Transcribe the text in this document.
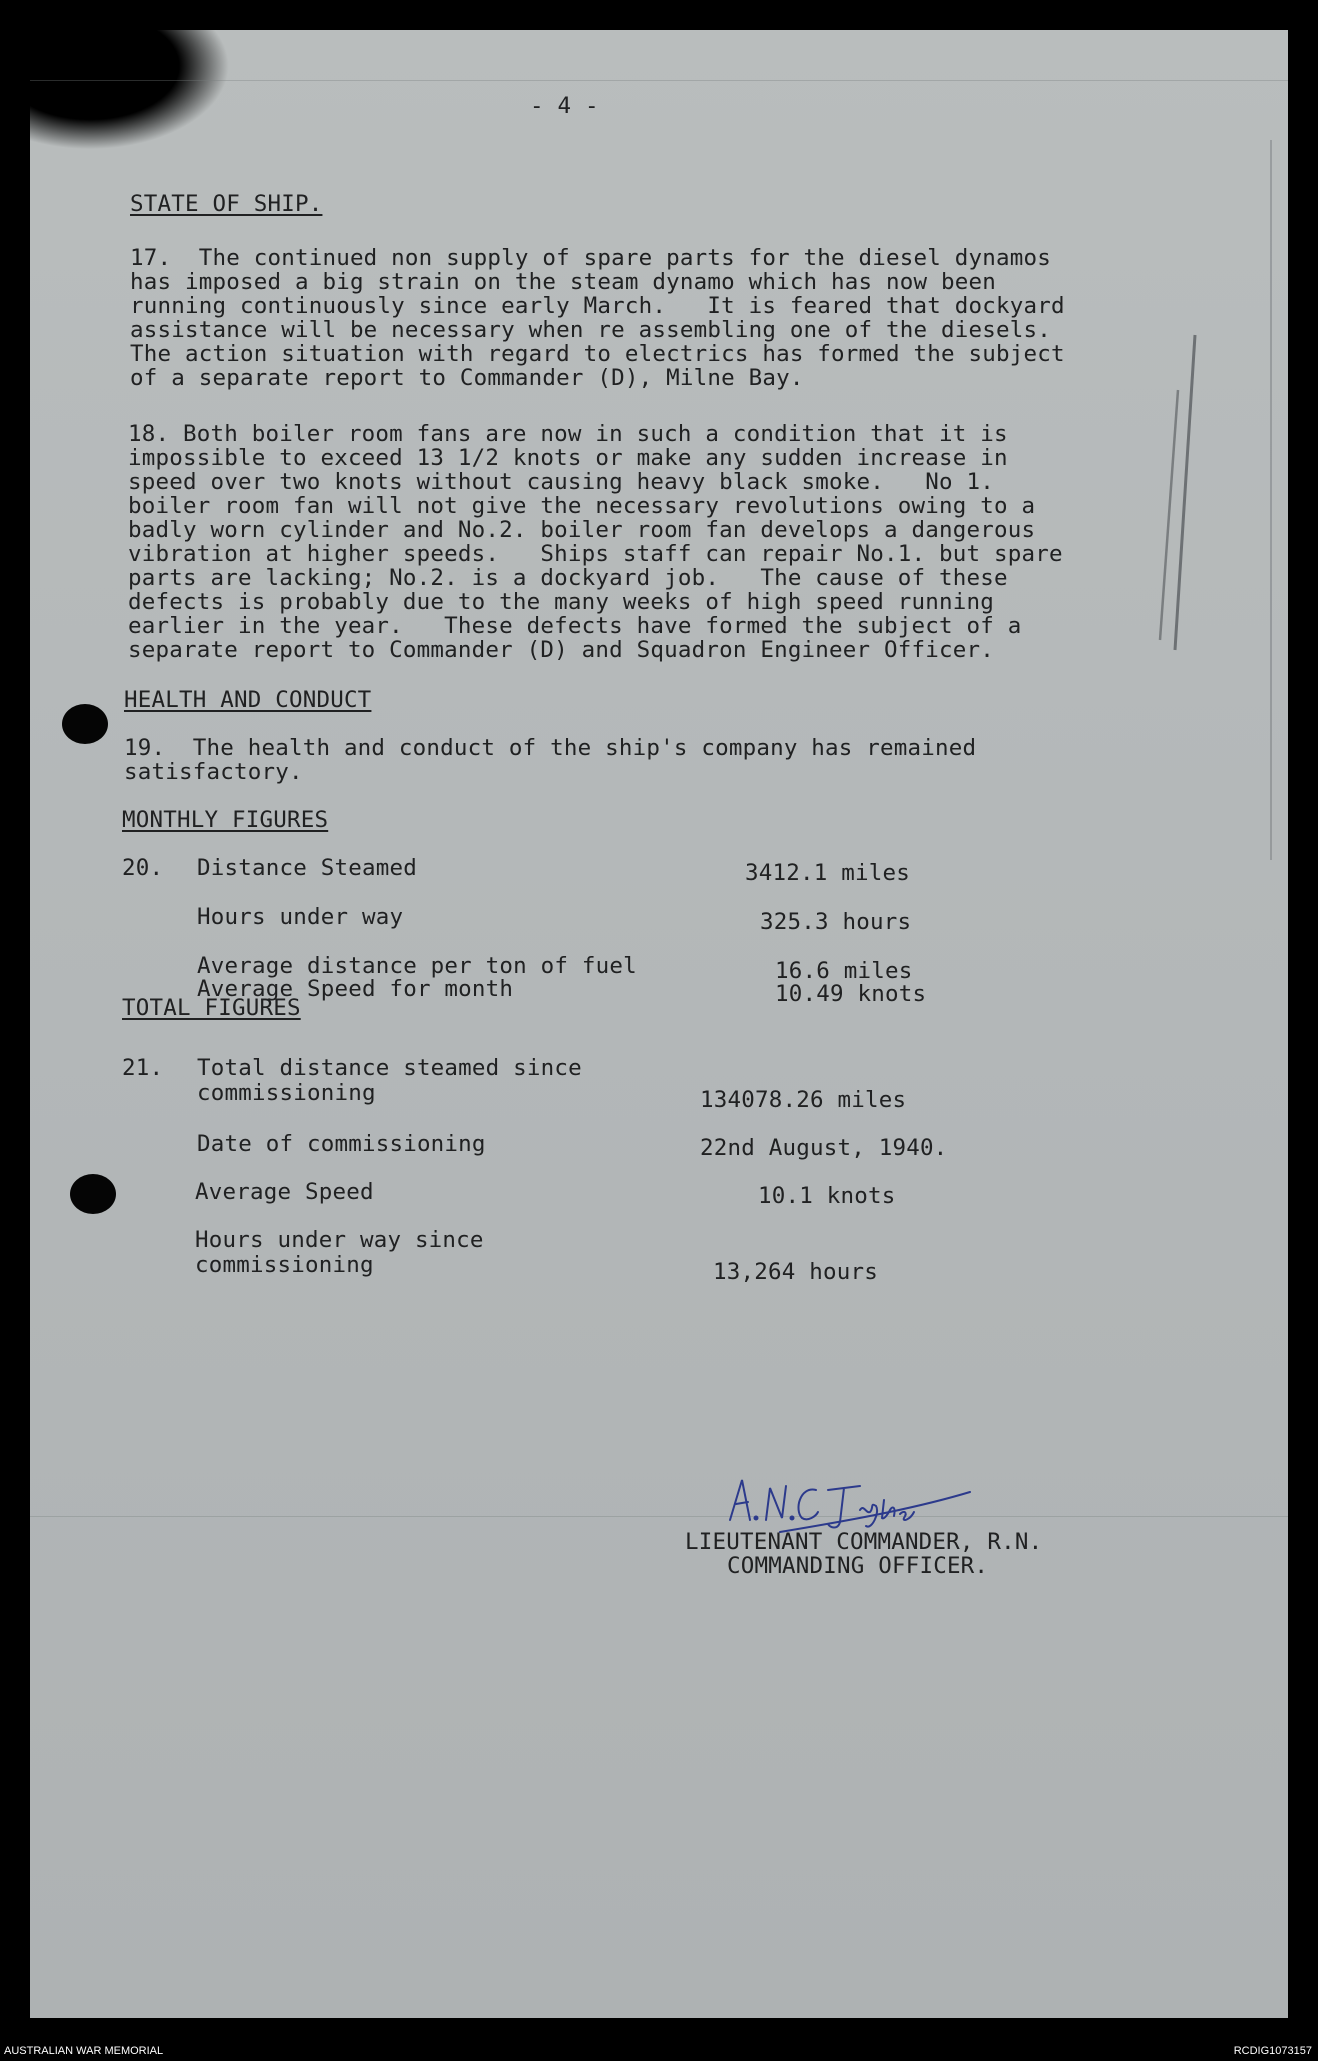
- 4 -
STATE OF SHIP.
17.  The continued non supply of spare parts for the diesel dynamos
has imposed a big strain on the steam dynamo which has now been
running continuously since early March.   It is feared that dockyard
assistance will be necessary when re assembling one of the diesels.
The action situation with regard to electrics has formed the subject
of a separate report to Commander (D), Milne Bay.
18. Both boiler room fans are now in such a condition that it is
impossible to exceed 13 1/2 knots or make any sudden increase in
speed over two knots without causing heavy black smoke.   No 1.
boiler room fan will not give the necessary revolutions owing to a
badly worn cylinder and No.2. boiler room fan develops a dangerous
vibration at higher speeds.   Ships staff can repair No.1. but spare
parts are lacking; No.2. is a dockyard job.   The cause of these
defects is probably due to the many weeks of high speed running
earlier in the year.   These defects have formed the subject of a
separate report to Commander (D) and Squadron Engineer Officer.
HEALTH AND CONDUCT
19.  The health and conduct of the ship's company has remained
satisfactory.
MONTHLY FIGURES
20. Distance Steamed	3412.1 miles
Hours under way	325.3 hours
Average distance per ton of fuel	16.6 miles
Average Speed for month	10.49 knots
TOTAL FIGURES
21. Total distance steamed since
commissioning	134078.26 miles
Date of commissioning	22nd August, 1940.
Average Speed	10.1 knots
Hours under way since
commissioning	13,264 hours
LIEUTENANT COMMANDER, R.N.
COMMANDING OFFICER.
AUSTRALIAN WAR MEMORIAL	RCDIG1073157
